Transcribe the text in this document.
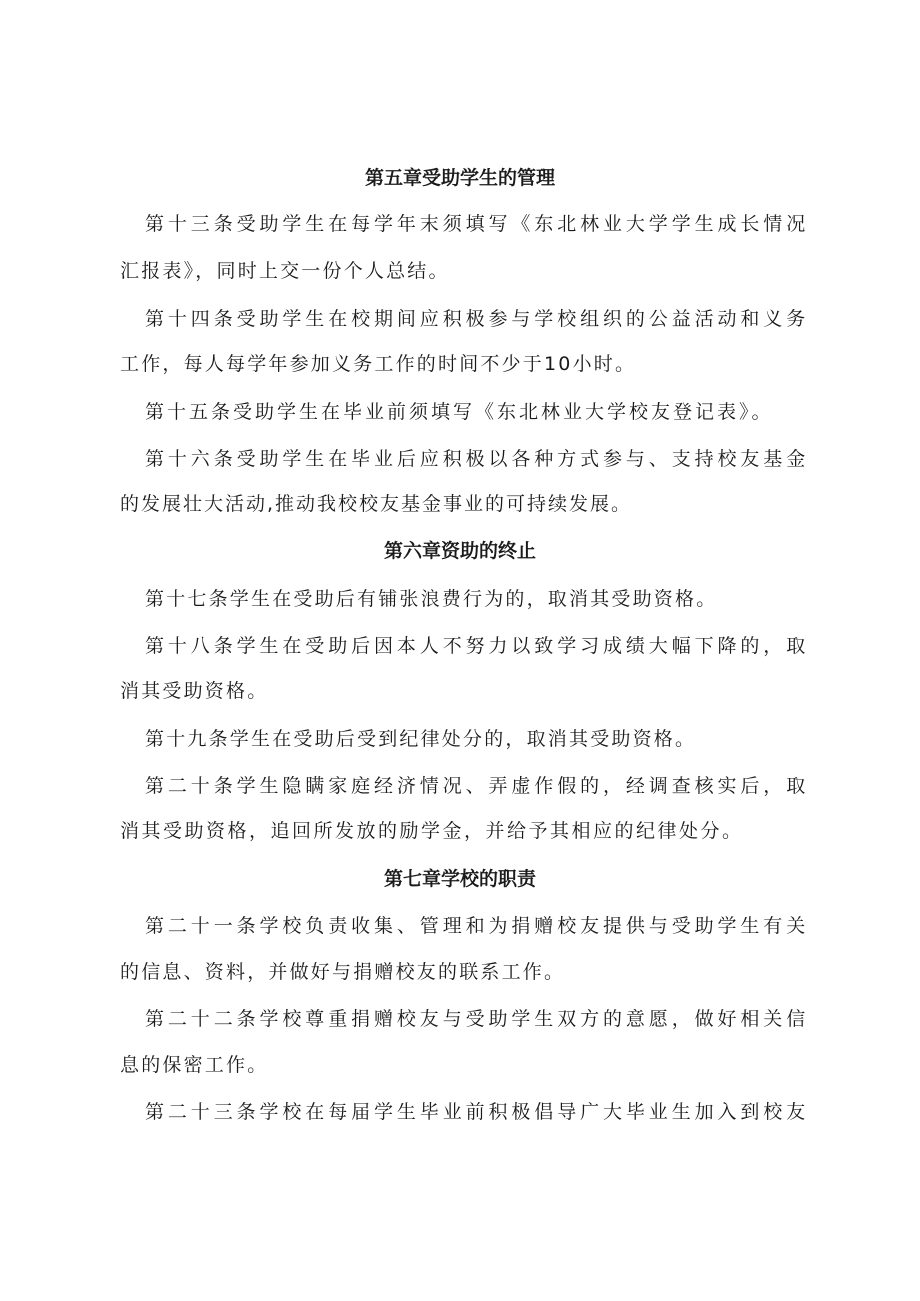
第五章受助学生的管理
第十三条受助学生在每学年末须填写《东北林业大学学生成长情况
汇报表》，同时上交一份个人总结。
第十四条受助学生在校期间应积极参与学校组织的公益活动和义务
工作，每人每学年参加义务工作的时间不少于10小时。
第十五条受助学生在毕业前须填写《东北林业大学校友登记表》。
第十六条受助学生在毕业后应积极以各种方式参与、支持校友基金
的发展壮大活动,推动我校校友基金事业的可持续发展。
第六章资助的终止
第十七条学生在受助后有铺张浪费行为的，取消其受助资格。
第十八条学生在受助后因本人不努力以致学习成绩大幅下降的，取
消其受助资格。
第十九条学生在受助后受到纪律处分的，取消其受助资格。
第二十条学生隐瞒家庭经济情况、弄虚作假的，经调查核实后，取
消其受助资格，追回所发放的励学金，并给予其相应的纪律处分。
第七章学校的职责
第二十一条学校负责收集、管理和为捐赠校友提供与受助学生有关
的信息、资料，并做好与捐赠校友的联系工作。
第二十二条学校尊重捐赠校友与受助学生双方的意愿，做好相关信
息的保密工作。
第二十三条学校在每届学生毕业前积极倡导广大毕业生加入到校友
